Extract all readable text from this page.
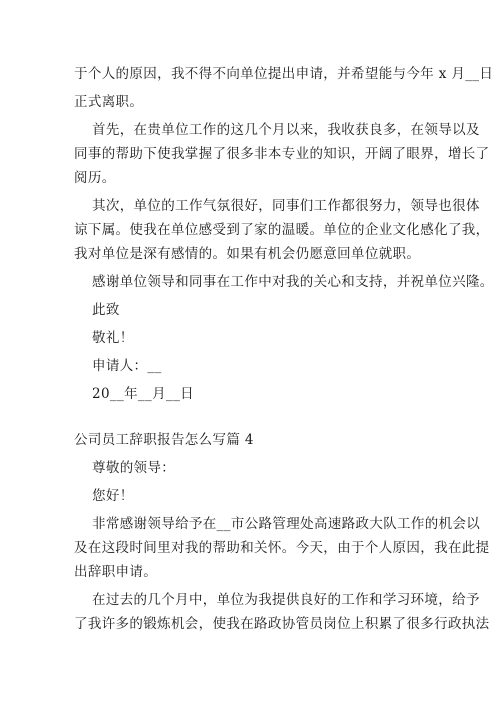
于个人的原因，我不得不向单位提出申请，并希望能与今年 x 月__日
正式离职。
首先，在贵单位工作的这几个月以来，我收获良多，在领导以及
同事的帮助下使我掌握了很多非本专业的知识，开阔了眼界，增长了
阅历。
其次，单位的工作气氛很好，同事们工作都很努力，领导也很体
谅下属。使我在单位感受到了家的温暖。单位的企业文化感化了我，
我对单位是深有感情的。如果有机会仍愿意回单位就职。
感谢单位领导和同事在工作中对我的关心和支持，并祝单位兴隆。
此致
敬礼！
申请人：__
20__年__月__日
公司员工辞职报告怎么写篇 4
尊敬的领导：
您好！
非常感谢领导给予在__市公路管理处高速路政大队工作的机会以
及在这段时间里对我的帮助和关怀。今天，由于个人原因，我在此提
出辞职申请。
在过去的几个月中，单位为我提供良好的工作和学习环境，给予
了我许多的锻炼机会，使我在路政协管员岗位上积累了很多行政执法
